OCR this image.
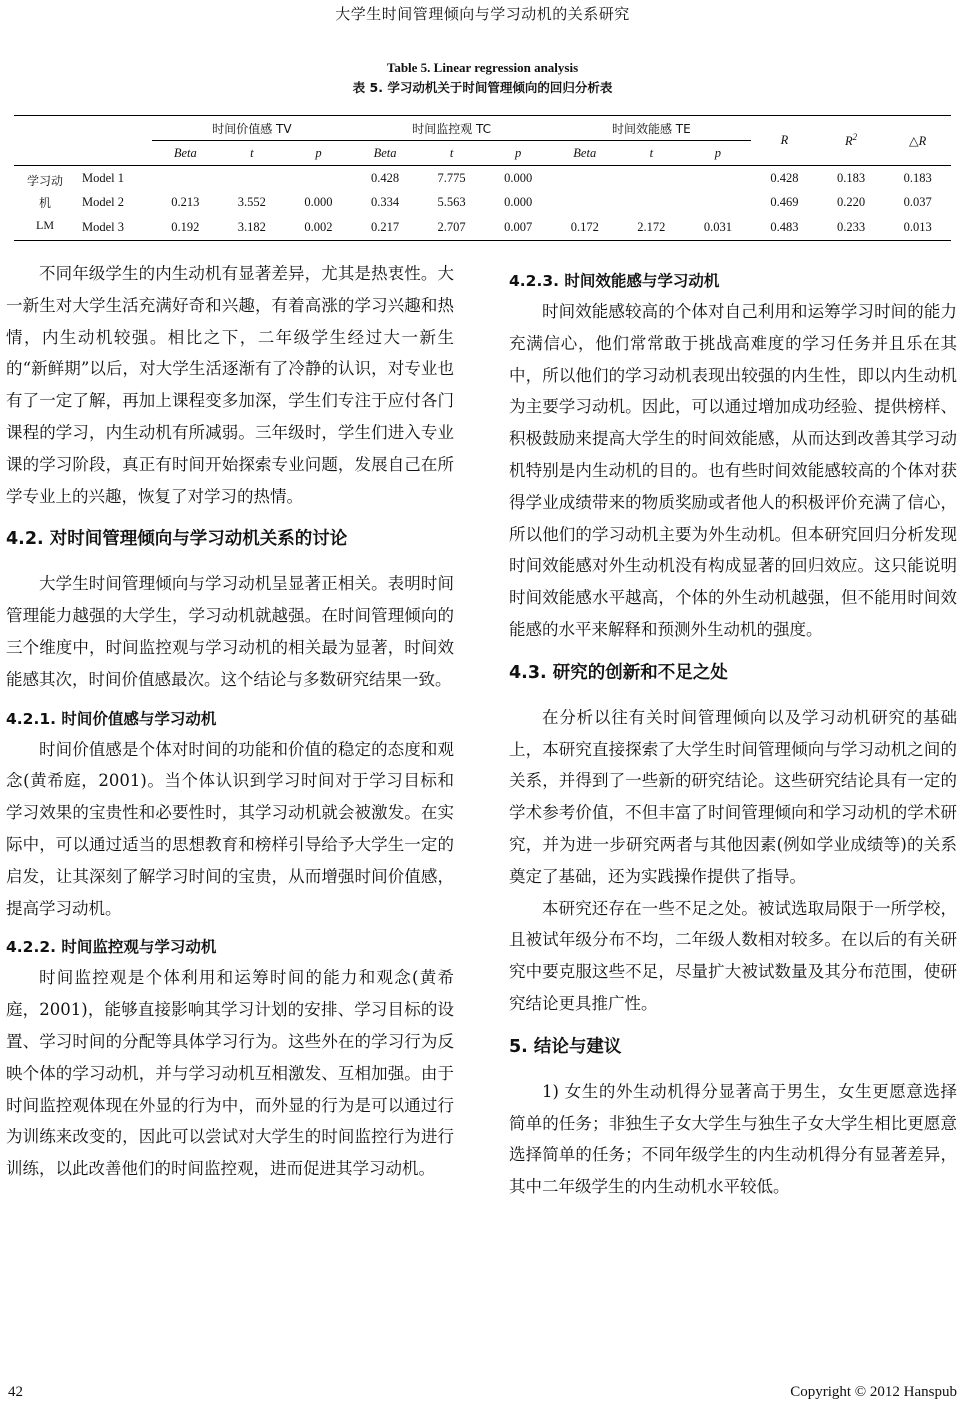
大学生时间管理倾向与学习动机的关系研究
Table 5. Linear regression analysis
表 5. 学习动机关于时间管理倾向的回归分析表
		时间价值感 TV			时间监控观 TC			时间效能感 TE			R	$R^2$	△R
		Beta	t	p	Beta	t	p	Beta	t	p			

学习动
机
LM	Model 1				0.428	7.775	0.000				0.428	0.183	0.183
	Model 2	0.213	3.552	0.000	0.334	5.563	0.000				0.469	0.220	0.037
	Model 3	0.192	3.182	0.002	0.217	2.707	0.007	0.172	2.172	0.031	0.483	0.233	0.013

不同年级学生的内生动机有显著差异，尤其是热衷性。大一新生对大学生活充满好奇和兴趣，有着高涨的学习兴趣和热情，内生动机较强。相比之下，二年级学生经过大一新生的“新鲜期”以后，对大学生活逐渐有了冷静的认识，对专业也有了一定了解，再加上课程变多加深，学生们专注于应付各门课程的学习，内生动机有所减弱。三年级时，学生们进入专业课的学习阶段，真正有时间开始探索专业问题，发展自己在所学专业上的兴趣，恢复了对学习的热情。

4.2. 对时间管理倾向与学习动机关系的讨论

大学生时间管理倾向与学习动机呈显著正相关。表明时间管理能力越强的大学生，学习动机就越强。在时间管理倾向的三个维度中，时间监控观与学习动机的相关最为显著，时间效能感其次，时间价值感最次。这个结论与多数研究结果一致。

4.2.1. 时间价值感与学习动机

时间价值感是个体对时间的功能和价值的稳定的态度和观念(黄希庭，2001)。当个体认识到学习时间对于学习目标和学习效果的宝贵性和必要性时，其学习动机就会被激发。在实际中，可以通过适当的思想教育和榜样引导给予大学生一定的启发，让其深刻了解学习时间的宝贵，从而增强时间价值感，提高学习动机。

4.2.2. 时间监控观与学习动机

时间监控观是个体利用和运筹时间的能力和观念(黄希庭，2001)，能够直接影响其学习计划的安排、学习目标的设置、学习时间的分配等具体学习行为。这些外在的学习行为反映个体的学习动机，并与学习动机互相激发、互相加强。由于时间监控观体现在外显的行为中，而外显的行为是可以通过行为训练来改变的，因此可以尝试对大学生的时间监控行为进行训练，以此改善他们的时间监控观，进而促进其学习动机。

4.2.3. 时间效能感与学习动机

时间效能感较高的个体对自己利用和运筹学习时间的能力充满信心，他们常常敢于挑战高难度的学习任务并且乐在其中，所以他们的学习动机表现出较强的内生性，即以内生动机为主要学习动机。因此，可以通过增加成功经验、提供榜样、积极鼓励来提高大学生的时间效能感，从而达到改善其学习动机特别是内生动机的目的。也有些时间效能感较高的个体对获得学业成绩带来的物质奖励或者他人的积极评价充满了信心，所以他们的学习动机主要为外生动机。但本研究回归分析发现时间效能感对外生动机没有构成显著的回归效应。这只能说明时间效能感水平越高，个体的外生动机越强，但不能用时间效能感的水平来解释和预测外生动机的强度。

4.3. 研究的创新和不足之处

在分析以往有关时间管理倾向以及学习动机研究的基础上，本研究直接探索了大学生时间管理倾向与学习动机之间的关系，并得到了一些新的研究结论。这些研究结论具有一定的学术参考价值，不但丰富了时间管理倾向和学习动机的学术研究，并为进一步研究两者与其他因素(例如学业成绩等)的关系奠定了基础，还为实践操作提供了指导。

本研究还存在一些不足之处。被试选取局限于一所学校，且被试年级分布不均，二年级人数相对较多。在以后的有关研究中要克服这些不足，尽量扩大被试数量及其分布范围，使研究结论更具推广性。

5. 结论与建议

1) 女生的外生动机得分显著高于男生，女生更愿意选择简单的任务；非独生子女大学生与独生子女大学生相比更愿意选择简单的任务；不同年级学生的内生动机得分有显著差异，其中二年级学生的内生动机水平较低。

42	Copyright © 2012 Hanspub
